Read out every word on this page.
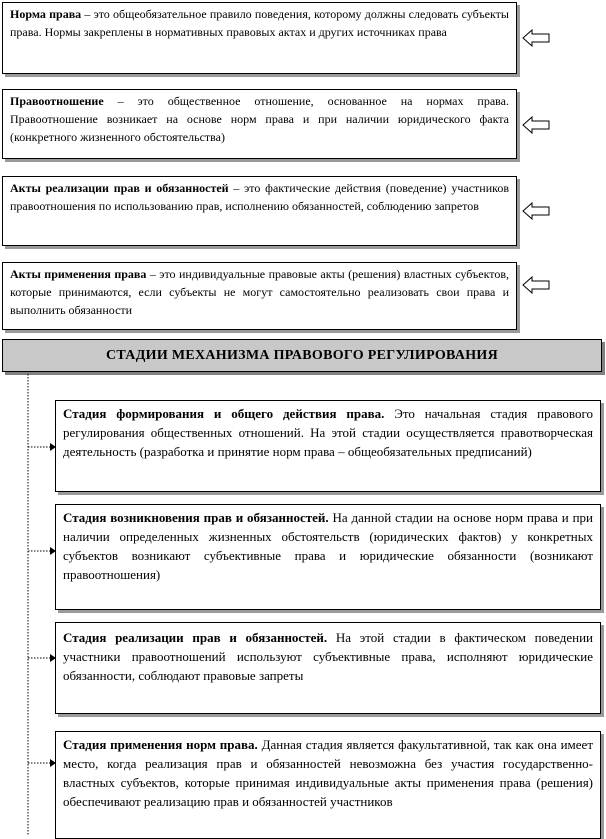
Норма права – это общеобязательное правило поведения, которому должны следовать субъекты права. Нормы закреплены в нормативных правовых актах и других источниках права
Правоотношение – это общественное отношение, основанное на нормах права. Правоотношение возникает на основе норм права и при наличии юридического факта (конкретного жизненного обстоятельства)
Акты реализации прав и обязанностей – это фактические действия (поведение) участников правоотношения по использованию прав, исполнению обязанностей, соблюдению запретов
Акты применения права – это индивидуальные правовые акты (решения) властных субъектов, которые принимаются, если субъекты не могут самостоятельно реализовать свои права и выполнить обязанности
СТАДИИ МЕХАНИЗМА ПРАВОВОГО РЕГУЛИРОВАНИЯ
Стадия формирования и общего действия права. Это начальная стадия правового регулирования общественных отношений. На этой стадии осуществляется правотворческая деятельность (разработка и принятие норм права – общеобязательных предписаний)
Стадия возникновения прав и обязанностей. На данной стадии на основе норм права и при наличии определенных жизненных обстоятельств (юридических фактов) у конкретных субъектов возникают субъективные права и юридические обязанности (возникают правоотношения)
Стадия реализации прав и обязанностей. На этой стадии в фактическом поведении участники правоотношений используют субъективные права, исполняют юридические обязанности, соблюдают правовые запреты
Стадия применения норм права. Данная стадия является факультативной, так как она имеет место, когда реализация прав и обязанностей невозможна без участия государственно-властных субъектов, которые принимая индивидуальные акты применения права (решения) обеспечивают реализацию прав и обязанностей участников
